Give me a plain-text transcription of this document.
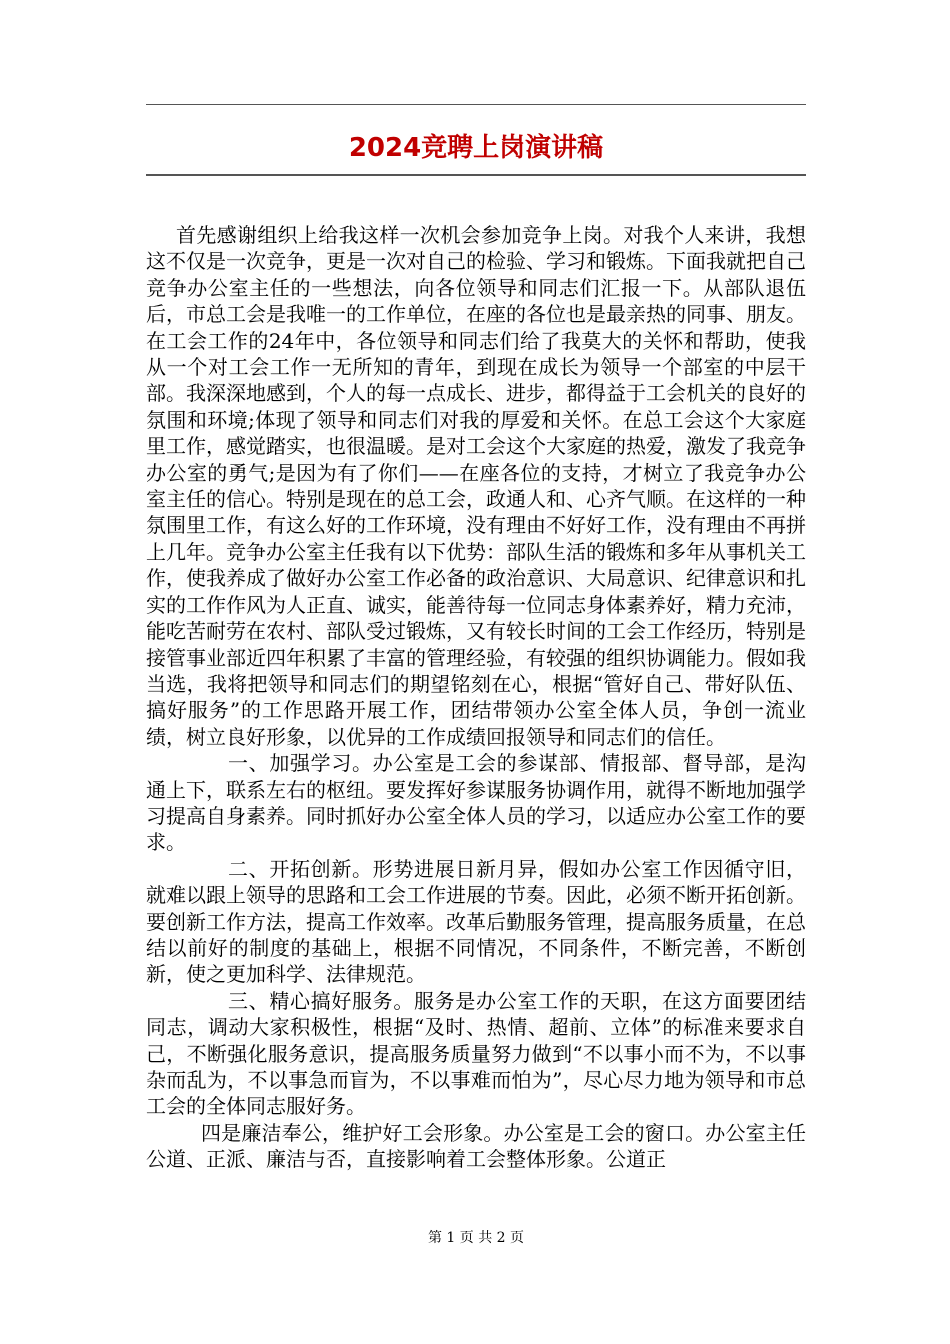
2024竞聘上岗演讲稿

首先感谢组织上给我这样一次机会参加竞争上岗。对我个人来讲，我想这不仅是一次竞争，更是一次对自己的检验、学习和锻炼。下面我就把自己竞争办公室主任的一些想法，向各位领导和同志们汇报一下。从部队退伍后，市总工会是我唯一的工作单位，在座的各位也是最亲热的同事、朋友。在工会工作的24年中，各位领导和同志们给了我莫大的关怀和帮助，使我从一个对工会工作一无所知的青年，到现在成长为领导一个部室的中层干部。我深深地感到，个人的每一点成长、进步，都得益于工会机关的良好的氛围和环境;体现了领导和同志们对我的厚爱和关怀。在总工会这个大家庭里工作，感觉踏实，也很温暖。是对工会这个大家庭的热爱，激发了我竞争办公室的勇气;是因为有了你们——在座各位的支持，才树立了我竞争办公室主任的信心。特别是现在的总工会，政通人和、心齐气顺。在这样的一种氛围里工作，有这么好的工作环境，没有理由不好好工作，没有理由不再拼上几年。竞争办公室主任我有以下优势：部队生活的锻炼和多年从事机关工作，使我养成了做好办公室工作必备的政治意识、大局意识、纪律意识和扎实的工作作风为人正直、诚实，能善待每一位同志身体素养好，精力充沛，能吃苦耐劳在农村、部队受过锻炼，又有较长时间的工会工作经历，特别是接管事业部近四年积累了丰富的管理经验，有较强的组织协调能力。假如我当选，我将把领导和同志们的期望铭刻在心，根据“管好自己、带好队伍、搞好服务”的工作思路开展工作，团结带领办公室全体人员，争创一流业绩，树立良好形象，以优异的工作成绩回报领导和同志们的信任。

一、加强学习。办公室是工会的参谋部、情报部、督导部，是沟通上下，联系左右的枢纽。要发挥好参谋服务协调作用，就得不断地加强学习提高自身素养。同时抓好办公室全体人员的学习，以适应办公室工作的要求。

二、开拓创新。形势进展日新月异，假如办公室工作因循守旧，就难以跟上领导的思路和工会工作进展的节奏。因此，必须不断开拓创新。要创新工作方法，提高工作效率。改革后勤服务管理，提高服务质量，在总结以前好的制度的基础上，根据不同情况，不同条件，不断完善，不断创新，使之更加科学、法律规范。

三、精心搞好服务。服务是办公室工作的天职，在这方面要团结同志，调动大家积极性，根据“及时、热情、超前、立体”的标准来要求自己，不断强化服务意识，提高服务质量努力做到“不以事小而不为，不以事杂而乱为，不以事急而盲为，不以事难而怕为”，尽心尽力地为领导和市总工会的全体同志服好务。

四是廉洁奉公，维护好工会形象。办公室是工会的窗口。办公室主任公道、正派、廉洁与否，直接影响着工会整体形象。公道正

第 1 页 共 2 页
